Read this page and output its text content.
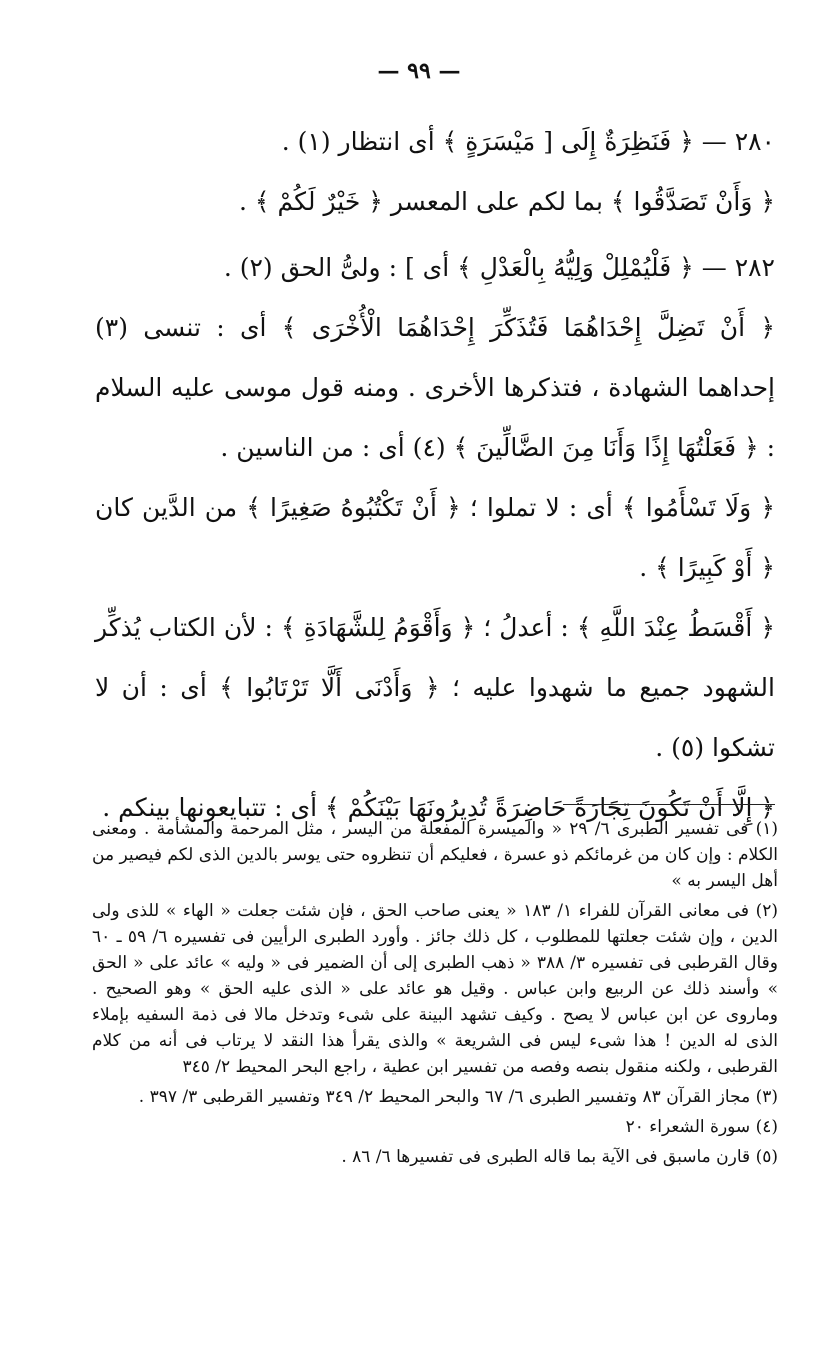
— ٩٩ —

٢٨٠ — ﴿ فَنَظِرَةٌ إِلَى [ مَيْسَرَةٍ ﴾ أى انتظار (١) .

﴿ وَأَنْ تَصَدَّقُوا ﴾ بما لكم على المعسر ﴿ خَيْرٌ لَكُمْ ﴾ .

٢٨٢ — ﴿ فَلْيُمْلِلْ وَلِيُّهُ بِالْعَدْلِ ﴾ أى ] : ولىُّ الحق (٢) .

﴿ أَنْ تَضِلَّ إِحْدَاهُمَا فَتُذَكِّرَ إِحْدَاهُمَا الْأُخْرَى ﴾ أى : تنسى (٣) إحداهما الشهادة ، فتذكرها الأخرى . ومنه قول موسى عليه السلام : ﴿ فَعَلْتُهَا إِذًا وَأَنَا مِنَ الضَّالِّينَ ﴾ (٤) أى : من الناسين .

﴿ وَلَا تَسْأَمُوا ﴾ أى : لا تملوا ؛ ﴿ أَنْ تَكْتُبُوهُ صَغِيرًا ﴾ من الدَّين كان ﴿ أَوْ كَبِيرًا ﴾ .

﴿ أَقْسَطُ عِنْدَ اللَّهِ ﴾ : أعدلُ ؛ ﴿ وَأَقْوَمُ لِلشَّهَادَةِ ﴾ : لأن الكتاب يُذكِّر الشهود جميع ما شهدوا عليه ؛ ﴿ وَأَدْنَى أَلَّا تَرْتَابُوا ﴾ أى : أن لا تشكوا (٥) .

﴿ إِلَّا أَنْ تَكُونَ تِجَارَةً حَاضِرَةً تُدِيرُونَهَا بَيْنَكُمْ ﴾ أى : تتبايعونها بينكم .

(١) فى تفسير الطبرى ٦/ ٢٩ « والميسرة المفعلة من اليسر ، مثل المرحمة والمشأمة . ومعنى الكلام : وإن كان من غرمائكم ذو عسرة ، فعليكم أن تنظروه حتى يوسر بالدين الذى لكم فيصير من أهل اليسر به »

(٢) فى معانى القرآن للفراء ١/ ١٨٣ « يعنى صاحب الحق ، فإن شئت جعلت « الهاء » للذى ولى الدين ، وإن شئت جعلتها للمطلوب ، كل ذلك جائز . وأورد الطبرى الرأيين فى تفسيره ٦/ ٥٩ ـ ٦٠ وقال القرطبى فى تفسيره ٣/ ٣٨٨ « ذهب الطبرى إلى أن الضمير فى « وليه » عائد على « الحق » وأسند ذلك عن الربيع وابن عباس . وقيل هو عائد على « الذى عليه الحق » وهو الصحيح . وماروى عن ابن عباس لا يصح . وكيف تشهد البينة على شىء وتدخل مالا فى ذمة السفيه بإملاء الذى له الدين ! هذا شىء ليس فى الشريعة » والذى يقرأ هذا النقد لا يرتاب فى أنه من كلام القرطبى ، ولكنه منقول بنصه وفصه من تفسير ابن عطية ، راجع البحر المحيط ٢/ ٣٤٥

(٣) مجاز القرآن ٨٣ وتفسير الطبرى ٦/ ٦٧ والبحر المحيط ٢/ ٣٤٩ وتفسير القرطبى ٣/ ٣٩٧ .

(٤) سورة الشعراء ٢٠

(٥) قارن ماسبق فى الآية بما قاله الطبرى فى تفسيرها ٦/ ٨٦ .
